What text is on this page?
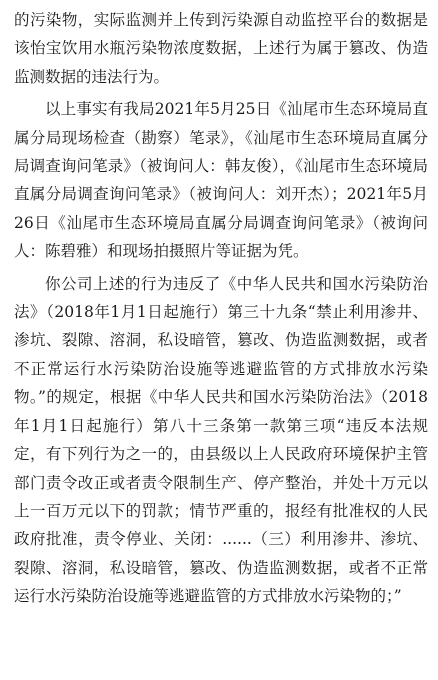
的污染物，实际监测并上传到污染源自动监控平台的数据是该怡宝饮用水瓶污染物浓度数据，上述行为属于篡改、伪造监测数据的违法行为。

以上事实有我局2021年5月25日《汕尾市生态环境局直属分局现场检查（勘察）笔录》，《汕尾市生态环境局直属分局调查询问笔录》（被询问人：韩友俊），《汕尾市生态环境局直属分局调查询问笔录》（被询问人：刘开杰）；2021年5月26日《汕尾市生态环境局直属分局调查询问笔录》（被询问人：陈碧雅）和现场拍摄照片等证据为凭。

你公司上述的行为违反了《中华人民共和国水污染防治法》（2018年1月1日起施行）第三十九条“禁止利用渗井、渗坑、裂隙、溶洞，私设暗管，篡改、伪造监测数据，或者不正常运行水污染防治设施等逃避监管的方式排放水污染物。”的规定，根据《中华人民共和国水污染防治法》（2018年1月1日起施行）第八十三条第一款第三项“违反本法规定，有下列行为之一的，由县级以上人民政府环境保护主管部门责令改正或者责令限制生产、停产整治，并处十万元以上一百万元以下的罚款；情节严重的，报经有批准权的人民政府批准，责令停业、关闭：......（三）利用渗井、渗坑、裂隙、溶洞，私设暗管，篡改、伪造监测数据，或者不正常运行水污染防治设施等逃避监管的方式排放水污染物的；”
